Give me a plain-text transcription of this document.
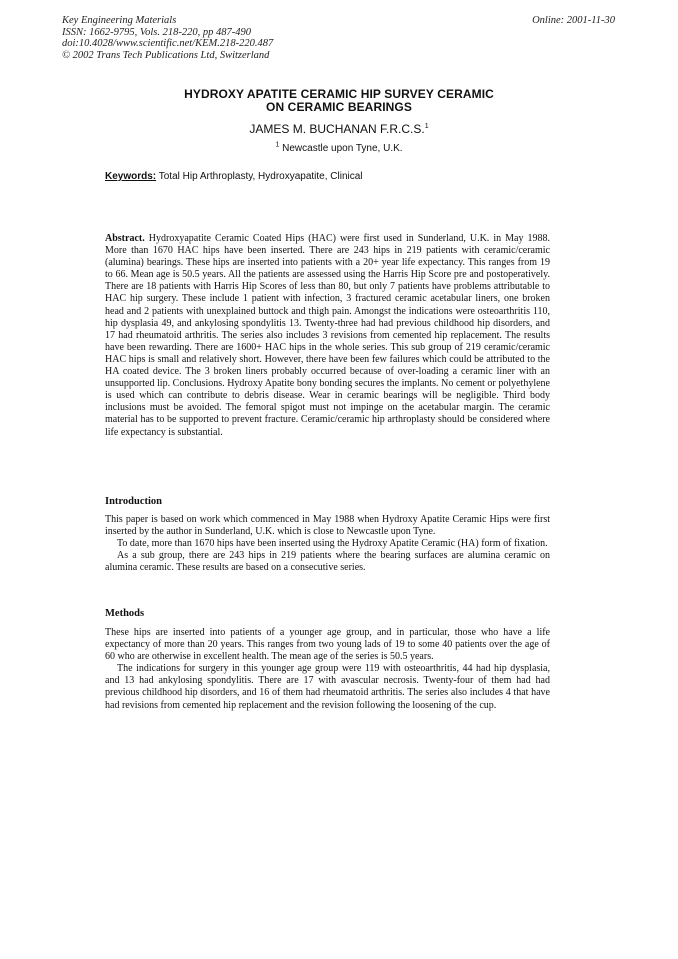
Key Engineering Materials
ISSN: 1662-9795, Vols. 218-220, pp 487-490
doi:10.4028/www.scientific.net/KEM.218-220.487
© 2002 Trans Tech Publications Ltd, Switzerland
Online: 2001-11-30
HYDROXY APATITE CERAMIC HIP SURVEY CERAMIC
ON CERAMIC BEARINGS
JAMES M. BUCHANAN F.R.C.S.$^1$
$^1$ Newcastle upon Tyne, U.K.
Keywords: Total Hip Arthroplasty, Hydroxyapatite, Clinical
Abstract. Hydroxyapatite Ceramic Coated Hips (HAC) were first used in Sunderland, U.K. in May 1988. More than 1670 HAC hips have been inserted. There are 243 hips in 219 patients with ceramic/ceramic (alumina) bearings. These hips are inserted into patients with a 20+ year life expectancy. This ranges from 19 to 66. Mean age is 50.5 years. All the patients are assessed using the Harris Hip Score pre and postoperatively. There are 18 patients with Harris Hip Scores of less than 80, but only 7 patients have problems attributable to HAC hip surgery. These include 1 patient with infection, 3 fractured ceramic acetabular liners, one broken head and 2 patients with unexplained buttock and thigh pain. Amongst the indications were osteoarthritis 110, hip dysplasia 49, and ankylosing spondylitis 13. Twenty-three had had previous childhood hip disorders, and 17 had rheumatoid arthritis. The series also includes 3 revisions from cemented hip replacement. The results have been rewarding. There are 1600+ HAC hips in the whole series. This sub group of 219 ceramic/ceramic HAC hips is small and relatively short. However, there have been few failures which could be attributed to the HA coated device. The 3 broken liners probably occurred because of over-loading a ceramic liner with an unsupported lip. Conclusions. Hydroxy Apatite bony bonding secures the implants. No cement or polyethylene is used which can contribute to debris disease. Wear in ceramic bearings will be negligible. Third body inclusions must be avoided. The femoral spigot must not impinge on the acetabular margin. The ceramic material has to be supported to prevent fracture. Ceramic/ceramic hip arthroplasty should be considered where life expectancy is substantial.
Introduction

This paper is based on work which commenced in May 1988 when Hydroxy Apatite Ceramic Hips were first inserted by the author in Sunderland, U.K. which is close to Newcastle upon Tyne.

To date, more than 1670 hips have been inserted using the Hydroxy Apatite Ceramic (HA) form of fixation.

As a sub group, there are 243 hips in 219 patients where the bearing surfaces are alumina ceramic on alumina ceramic. These results are based on a consecutive series.

Methods

These hips are inserted into patients of a younger age group, and in particular, those who have a life expectancy of more than 20 years. This ranges from two young lads of 19 to some 40 patients over the age of 60 who are otherwise in excellent health. The mean age of the series is 50.5 years.

The indications for surgery in this younger age group were 119 with osteoarthritis, 44 had hip dysplasia, and 13 had ankylosing spondylitis. There are 17 with avascular necrosis. Twenty-four of them had had previous childhood hip disorders, and 16 of them had rheumatoid arthritis. The series also includes 4 that have had revisions from cemented hip replacement and the revision following the loosening of the cup.
